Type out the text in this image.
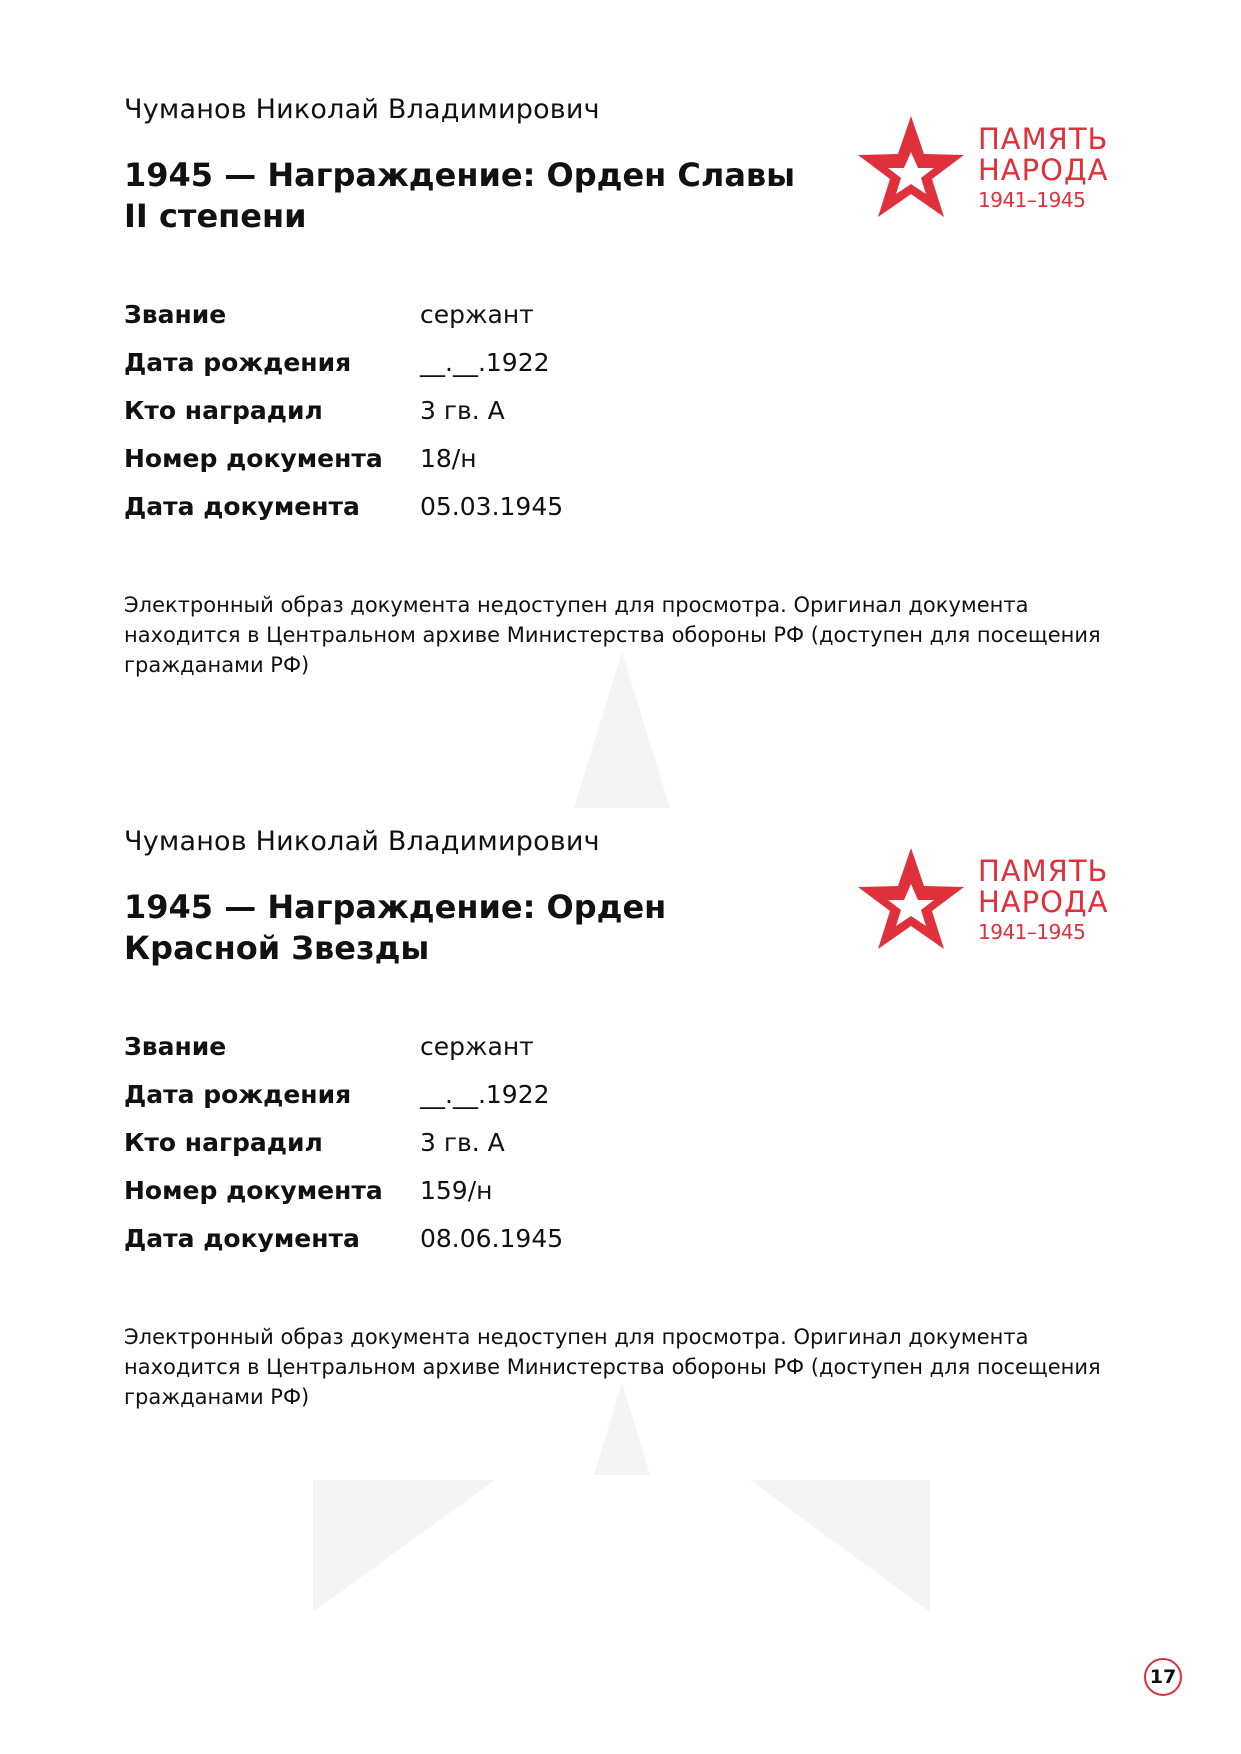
Чуманов Николай Владимирович
1945 — Награждение: Орден Славы II степени
ПАМЯТЬ
НАРОДА
1941–1945
Звание	сержант
Дата рождения	__.__.1922
Кто наградил	3 гв. А
Номер документа 18/н
Дата документа 05.03.1945
Электронный образ документа недоступен для просмотра. Оригинал документа находится в Центральном архиве Министерства обороны РФ (доступен для посещения гражданами РФ)
Чуманов Николай Владимирович
1945 — Награждение: Орден Красной Звезды
ПАМЯТЬ
НАРОДА
1941–1945
Звание	сержант
Дата рождения	__.__.1922
Кто наградил	3 гв. А
Номер документа 159/н
Дата документа 08.06.1945
Электронный образ документа недоступен для просмотра. Оригинал документа находится в Центральном архиве Министерства обороны РФ (доступен для посещения гражданами РФ)
17
